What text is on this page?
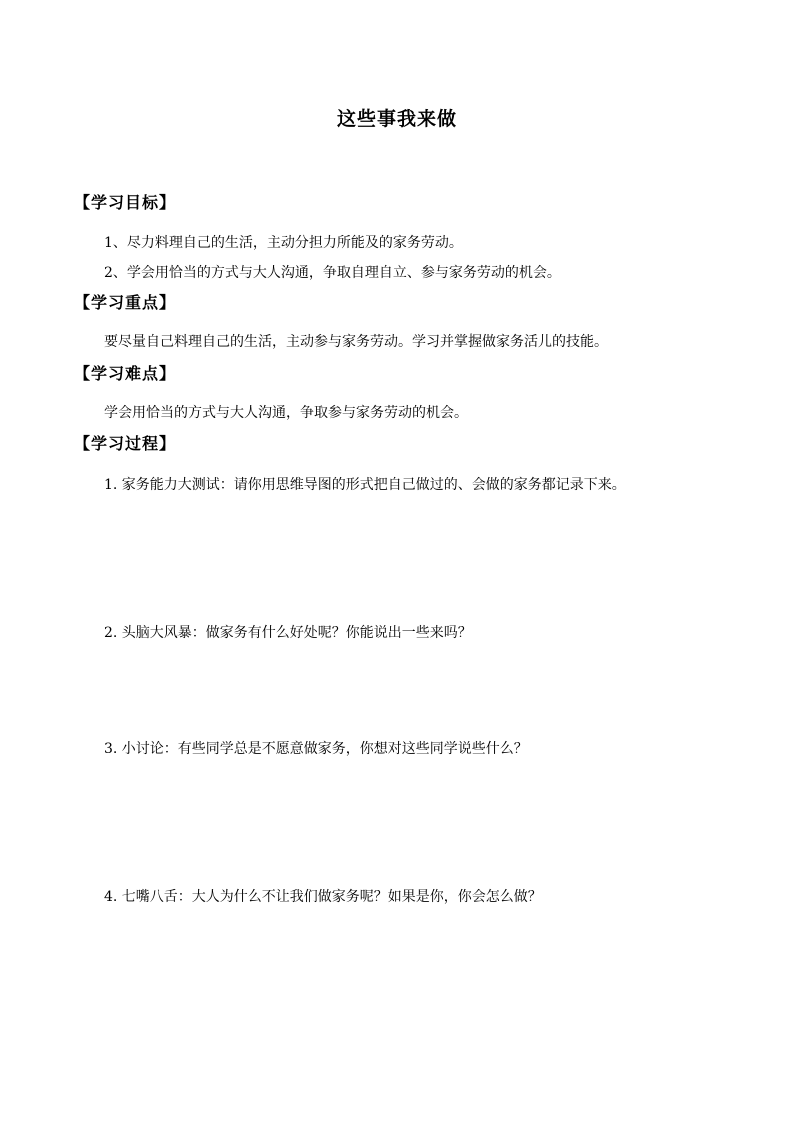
这些事我来做
【学习目标】
1、尽力料理自己的生活，主动分担力所能及的家务劳动。
2、学会用恰当的方式与大人沟通，争取自理自立、参与家务劳动的机会。
【学习重点】
要尽量自己料理自己的生活，主动参与家务劳动。学习并掌握做家务活儿的技能。
【学习难点】
学会用恰当的方式与大人沟通，争取参与家务劳动的机会。
【学习过程】
1. 家务能力大测试：请你用思维导图的形式把自己做过的、会做的家务都记录下来。
2. 头脑大风暴：做家务有什么好处呢？你能说出一些来吗？
3. 小讨论：有些同学总是不愿意做家务，你想对这些同学说些什么？
4. 七嘴八舌：大人为什么不让我们做家务呢？如果是你，你会怎么做？
